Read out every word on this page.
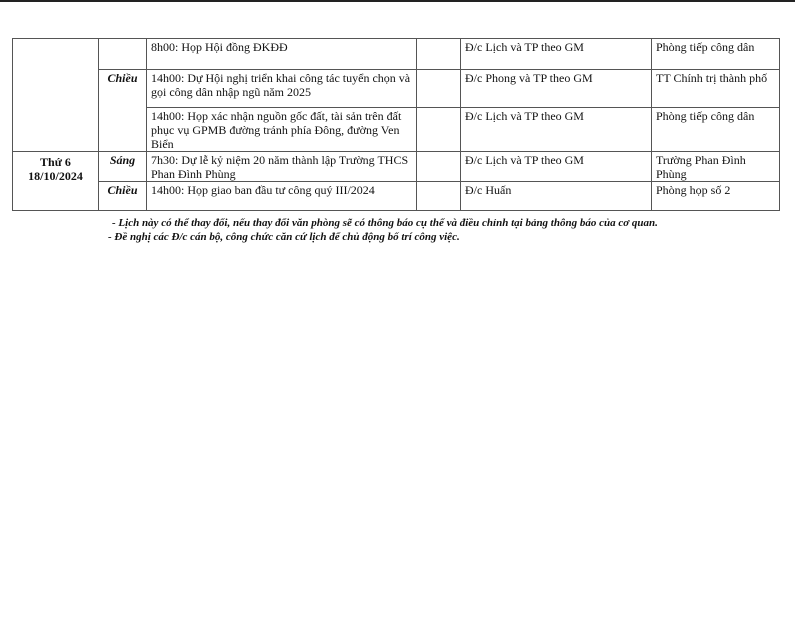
		8h00: Họp Hội đồng ĐKĐĐ		Đ/c Lịch và TP theo GM	Phòng tiếp công dân
	Chiều	14h00: Dự Hội nghị triển khai công tác tuyển chọn và gọi công dân nhập ngũ năm 2025		Đ/c Phong và TP theo GM	TT Chính trị thành phố
		14h00: Họp xác nhận nguồn gốc đất, tài sản trên đất phục vụ GPMB đường tránh phía Đông, đường Ven Biển		Đ/c Lịch và TP theo GM	Phòng tiếp công dân

Thứ 6
18/10/2024	Sáng	7h30: Dự lễ kỷ niệm 20 năm thành lập Trường THCS Phan Đình Phùng		Đ/c Lịch và TP theo GM	Trường Phan Đình Phùng
	Chiều	14h00: Họp giao ban đầu tư công quý III/2024		Đ/c Huấn	Phòng họp số 2
- Lịch này có thể thay đổi, nếu thay đổi văn phòng sẽ có thông báo cụ thể và điều chỉnh tại bảng thông báo của cơ quan.
- Đề nghị các Đ/c cán bộ, công chức căn cứ lịch để chủ động bố trí công việc.
